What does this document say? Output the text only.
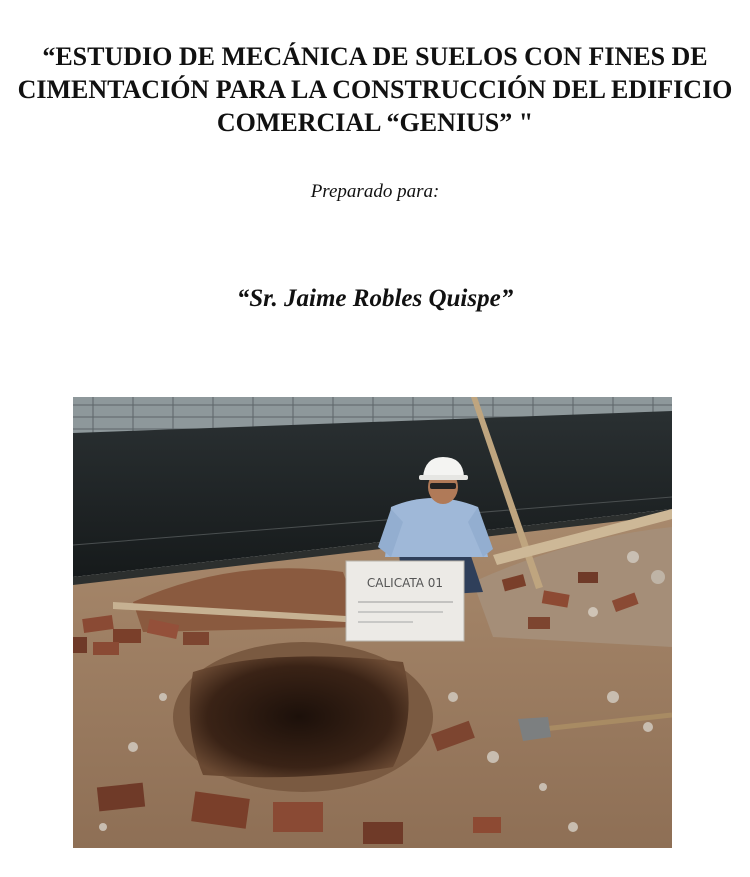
“ESTUDIO DE MECÁNICA DE SUELOS CON FINES DE CIMENTACIÓN PARA LA CONSTRUCCIÓN DEL EDIFICIO COMERCIAL “GENIUS” "

Preparado para:

“Sr. Jaime Robles Quispe”

CALICATA 01
